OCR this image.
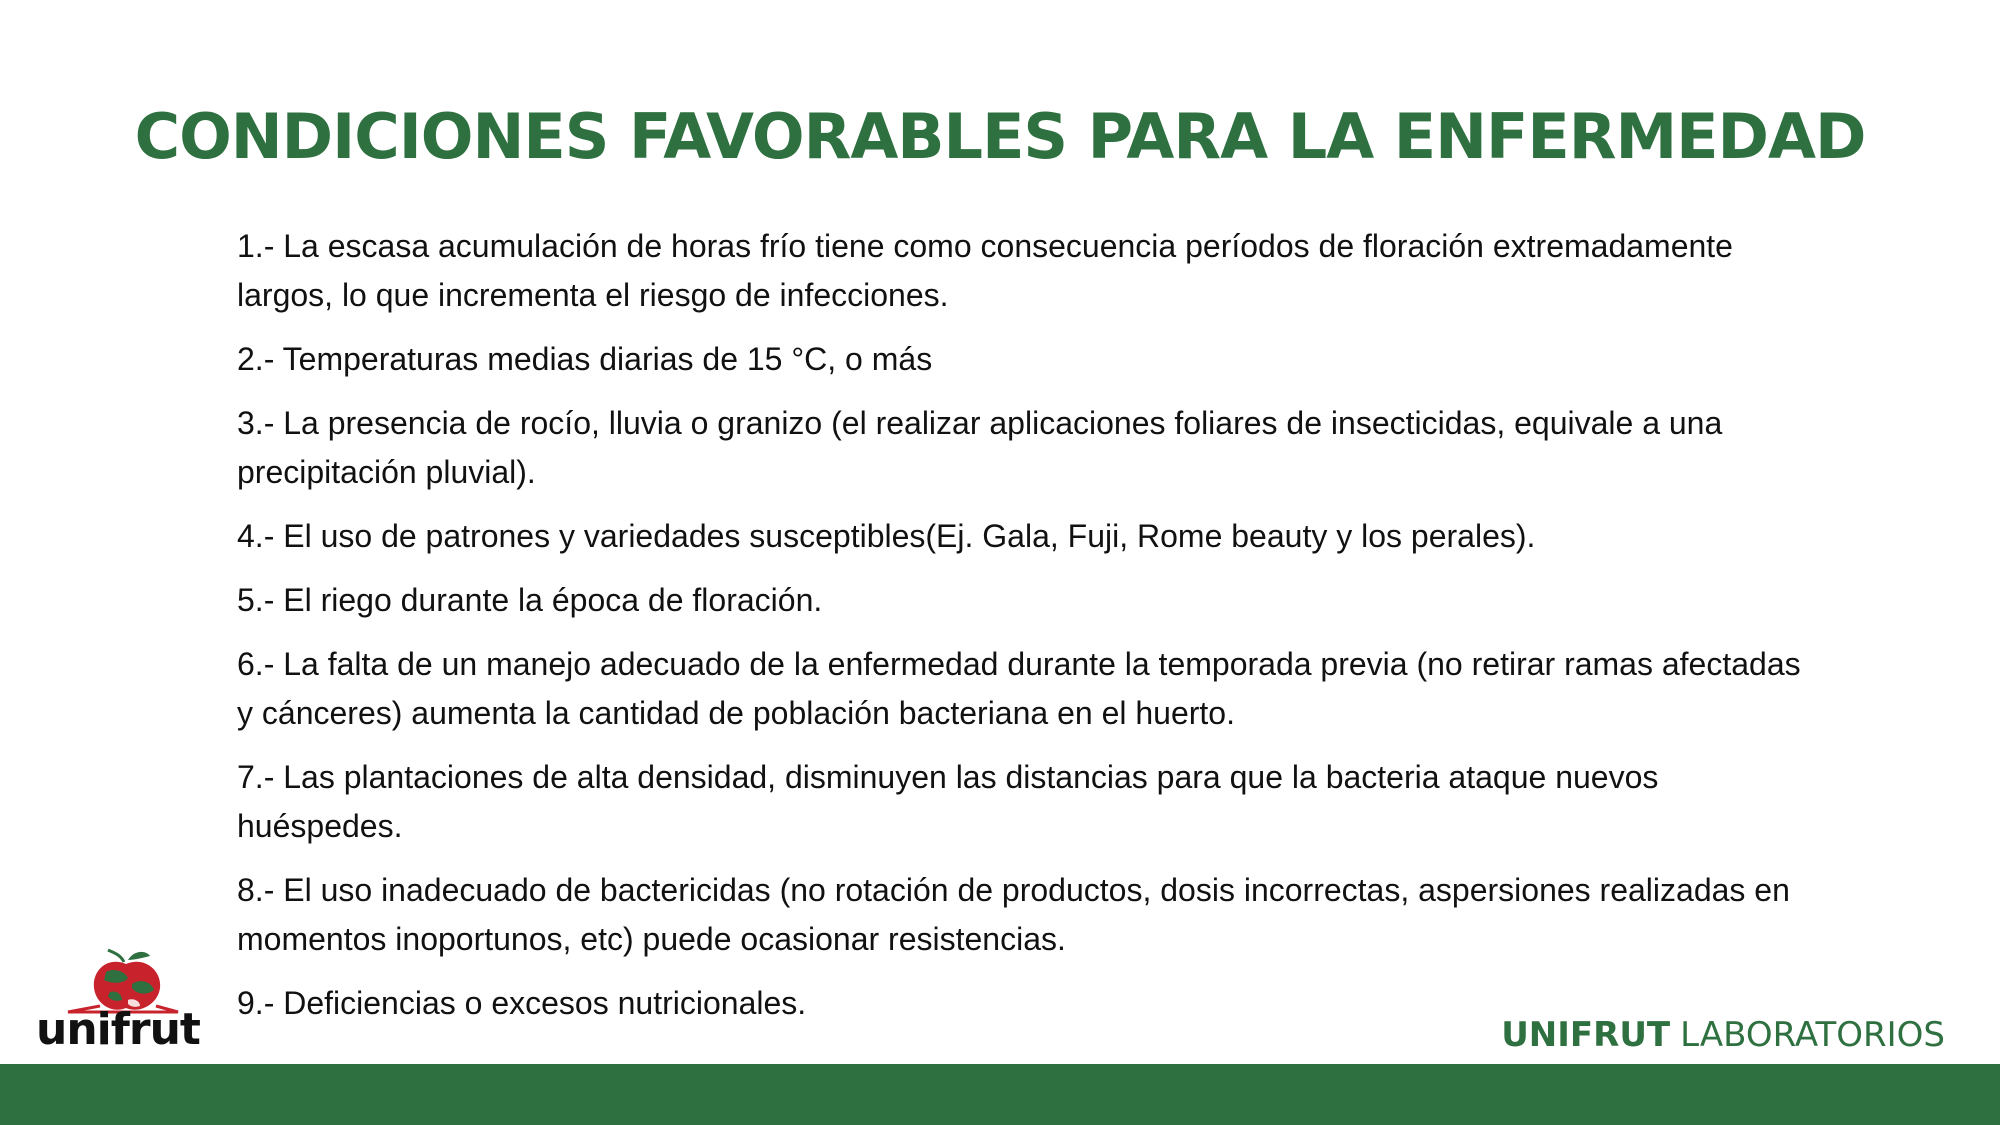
CONDICIONES FAVORABLES PARA LA ENFERMEDAD
1.- La escasa acumulación de horas frío tiene como consecuencia períodos de floración extremadamente largos, lo que incrementa el riesgo de infecciones.
2.- Temperaturas medias diarias de 15 °C, o más
3.- La presencia de rocío, lluvia o granizo (el realizar aplicaciones foliares de insecticidas, equivale a una precipitación pluvial).
4.- El uso de patrones y variedades susceptibles(Ej. Gala, Fuji, Rome beauty y los perales).
5.- El riego durante la época de floración.
6.- La falta de un manejo adecuado de la enfermedad durante la temporada previa (no retirar ramas afectadas y cánceres) aumenta la cantidad de población bacteriana en el huerto.
7.- Las plantaciones de alta densidad, disminuyen las distancias para que la bacteria ataque nuevos huéspedes.
8.- El uso inadecuado de bactericidas (no rotación de productos, dosis incorrectas, aspersiones realizadas en momentos inoportunos, etc) puede ocasionar resistencias.
9.- Deficiencias o excesos nutricionales.
unifrut	UNIFRUT LABORATORIOS
